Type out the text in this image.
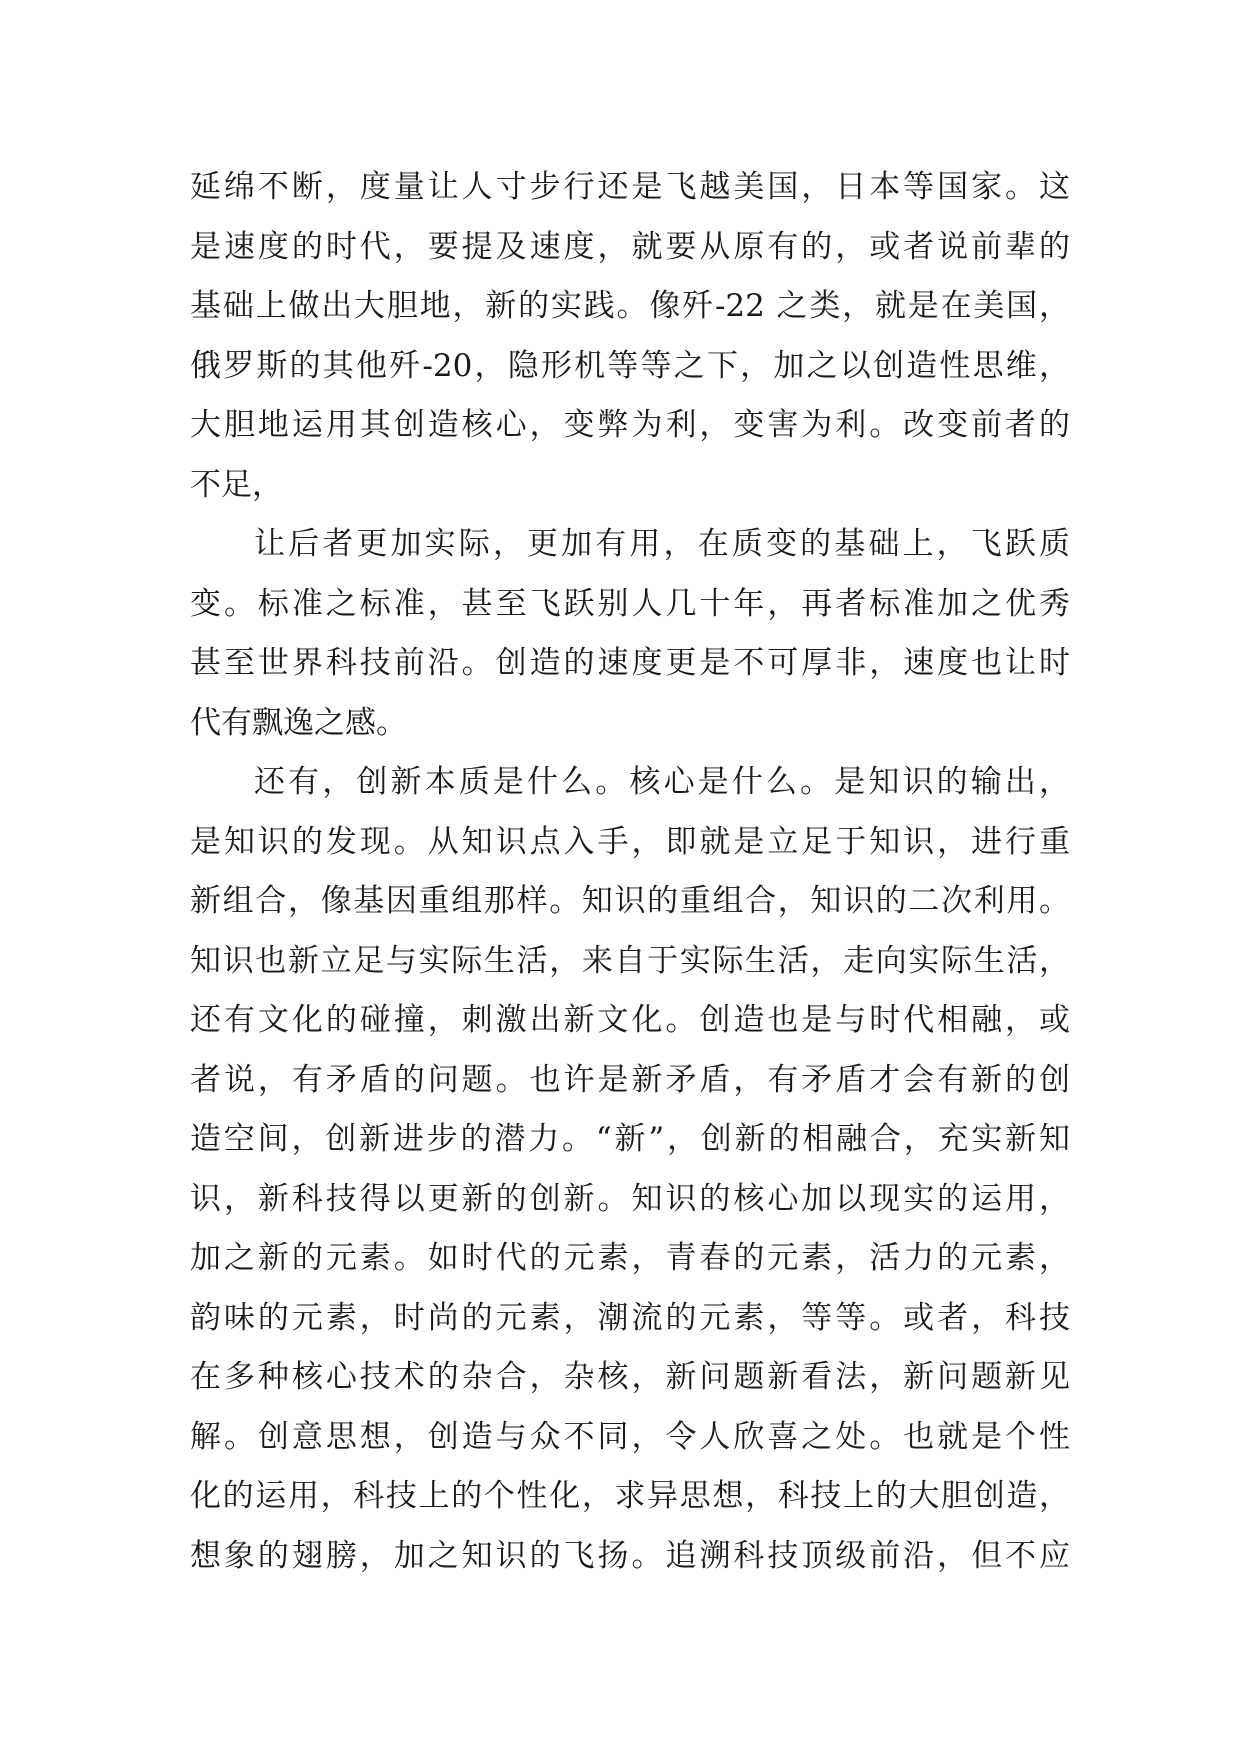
延绵不断，度量让人寸步行还是飞越美国，日本等国家。这
是速度的时代，要提及速度，就要从原有的，或者说前辈的
基础上做出大胆地，新的实践。像歼-22 之类，就是在美国，
俄罗斯的其他歼-20，隐形机等等之下，加之以创造性思维，
大胆地运用其创造核心，变弊为利，变害为利。改变前者的
不足，
让后者更加实际，更加有用，在质变的基础上，飞跃质
变。标准之标准，甚至飞跃别人几十年，再者标准加之优秀
甚至世界科技前沿。创造的速度更是不可厚非，速度也让时
代有飘逸之感。
还有，创新本质是什么。核心是什么。是知识的输出，
是知识的发现。从知识点入手，即就是立足于知识，进行重
新组合，像基因重组那样。知识的重组合，知识的二次利用。
知识也新立足与实际生活，来自于实际生活，走向实际生活，
还有文化的碰撞，刺激出新文化。创造也是与时代相融，或
者说，有矛盾的问题。也许是新矛盾，有矛盾才会有新的创
造空间，创新进步的潜力。“新”，创新的相融合，充实新知
识，新科技得以更新的创新。知识的核心加以现实的运用，
加之新的元素。如时代的元素，青春的元素，活力的元素，
韵味的元素，时尚的元素，潮流的元素，等等。或者，科技
在多种核心技术的杂合，杂核，新问题新看法，新问题新见
解。创意思想，创造与众不同，令人欣喜之处。也就是个性
化的运用，科技上的个性化，求异思想，科技上的大胆创造，
想象的翅膀，加之知识的飞扬。追溯科技顶级前沿，但不应
